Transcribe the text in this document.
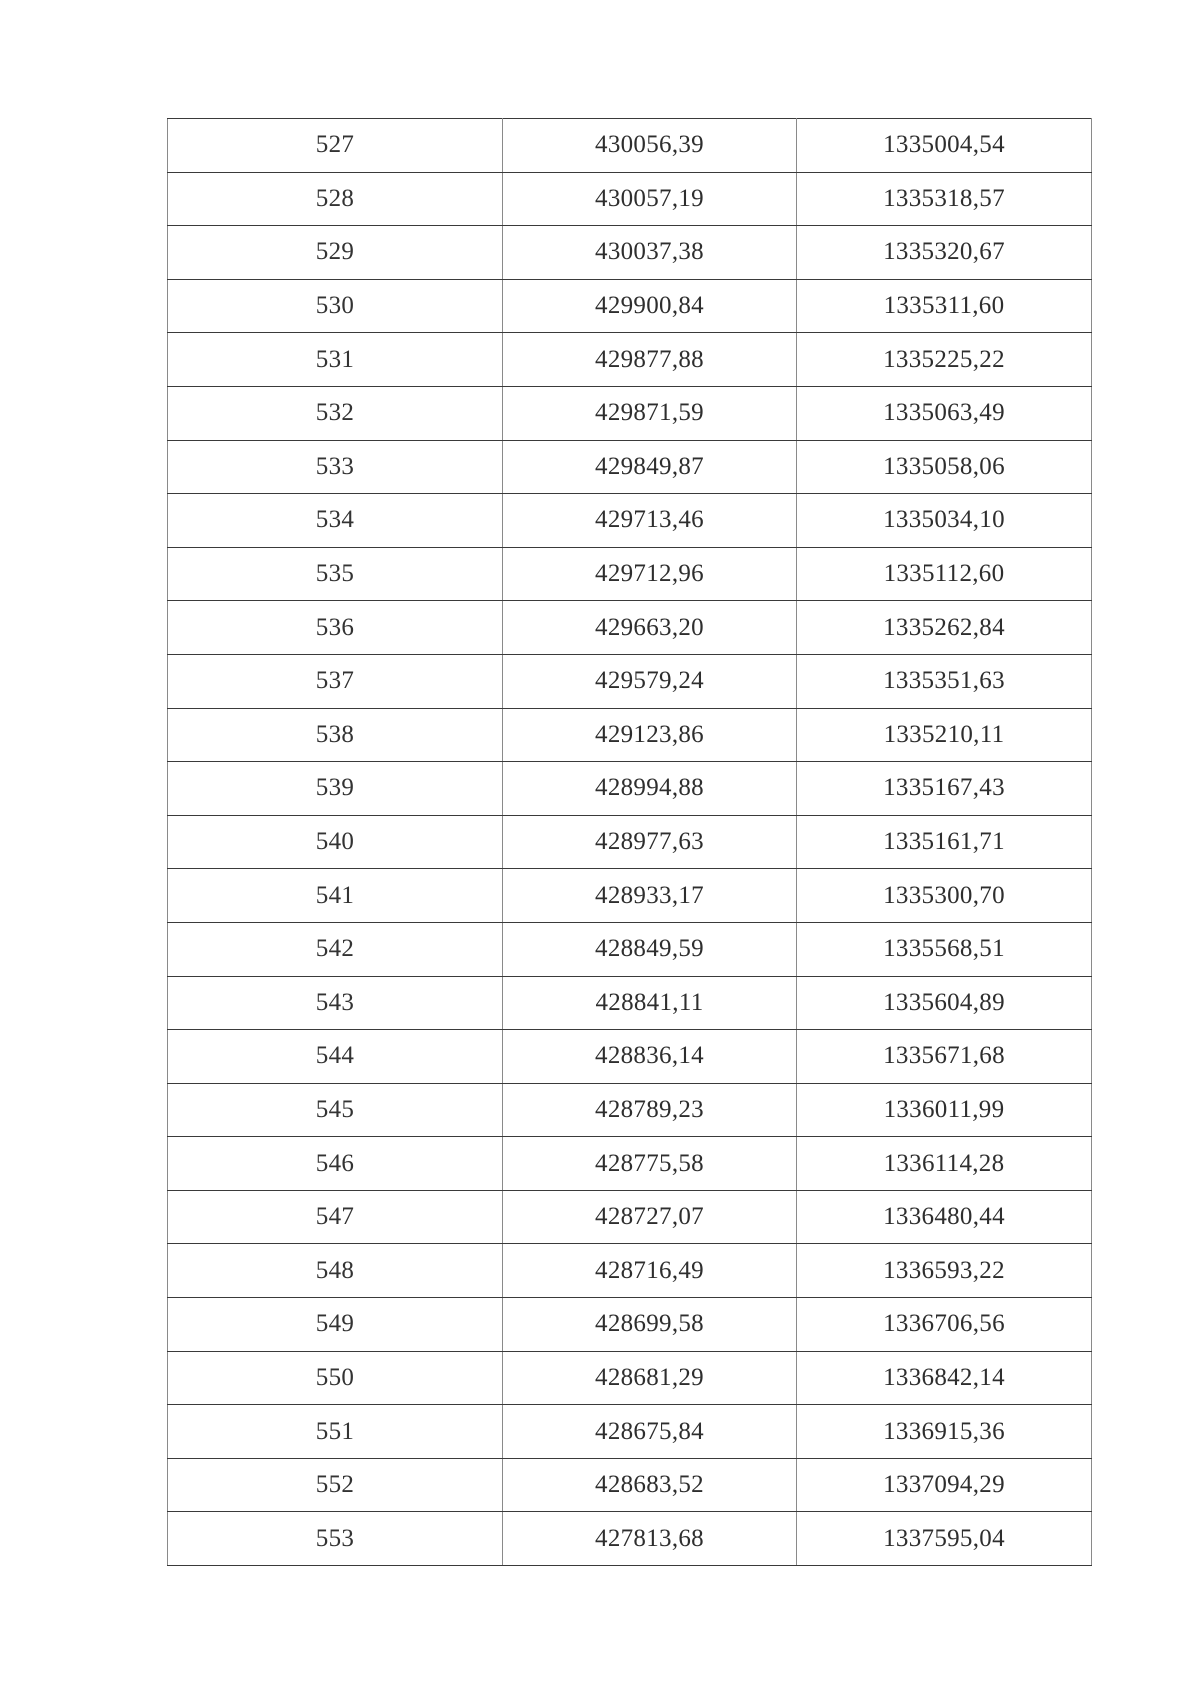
527	430056,39	1335004,54
528	430057,19	1335318,57
529	430037,38	1335320,67
530	429900,84	1335311,60
531	429877,88	1335225,22
532	429871,59	1335063,49
533	429849,87	1335058,06
534	429713,46	1335034,10
535	429712,96	1335112,60
536	429663,20	1335262,84
537	429579,24	1335351,63
538	429123,86	1335210,11
539	428994,88	1335167,43
540	428977,63	1335161,71
541	428933,17	1335300,70
542	428849,59	1335568,51
543	428841,11	1335604,89
544	428836,14	1335671,68
545	428789,23	1336011,99
546	428775,58	1336114,28
547	428727,07	1336480,44
548	428716,49	1336593,22
549	428699,58	1336706,56
550	428681,29	1336842,14
551	428675,84	1336915,36
552	428683,52	1337094,29
553	427813,68	1337595,04
